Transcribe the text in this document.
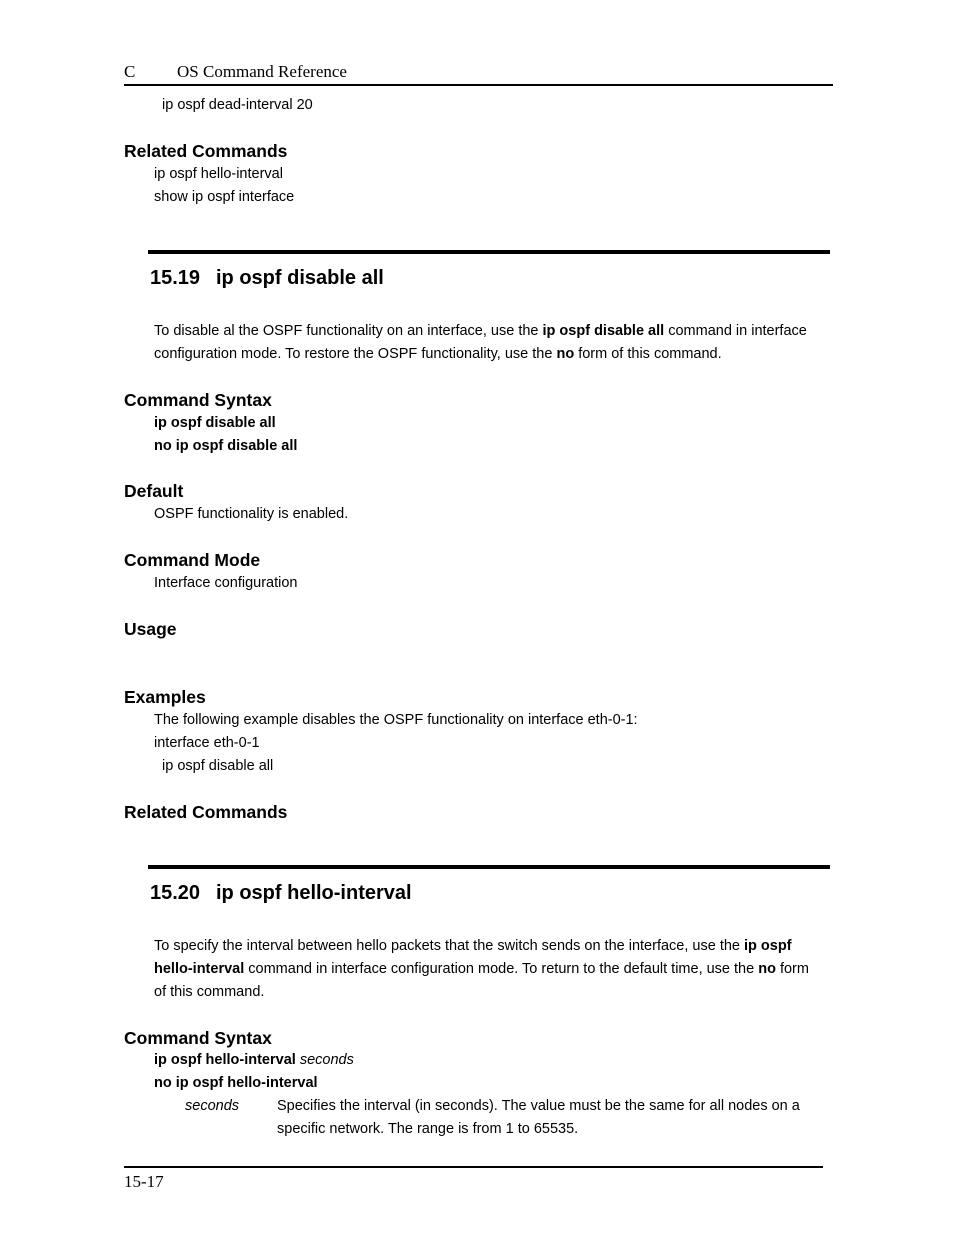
C OS Command Reference
ip ospf dead-interval 20
Related Commands
ip ospf hello-interval
show ip ospf interface
15.19 ip ospf disable all
To disable al the OSPF functionality on an interface, use the ip ospf disable all command in interface
configuration mode. To restore the OSPF functionality, use the no form of this command.
Command Syntax
ip ospf disable all
no ip ospf disable all
Default
OSPF functionality is enabled.
Command Mode
Interface configuration
Usage
Examples
The following example disables the OSPF functionality on interface eth-0-1:
interface eth-0-1
ip ospf disable all
Related Commands
15.20 ip ospf hello-interval
To specify the interval between hello packets that the switch sends on the interface, use the ip ospf
hello-interval command in interface configuration mode. To return to the default time, use the no form
of this command.
Command Syntax
ip ospf hello-interval seconds
no ip ospf hello-interval
seconds	Specifies the interval (in seconds). The value must be the same for all nodes on a
specific network. The range is from 1 to 65535.
15-17
